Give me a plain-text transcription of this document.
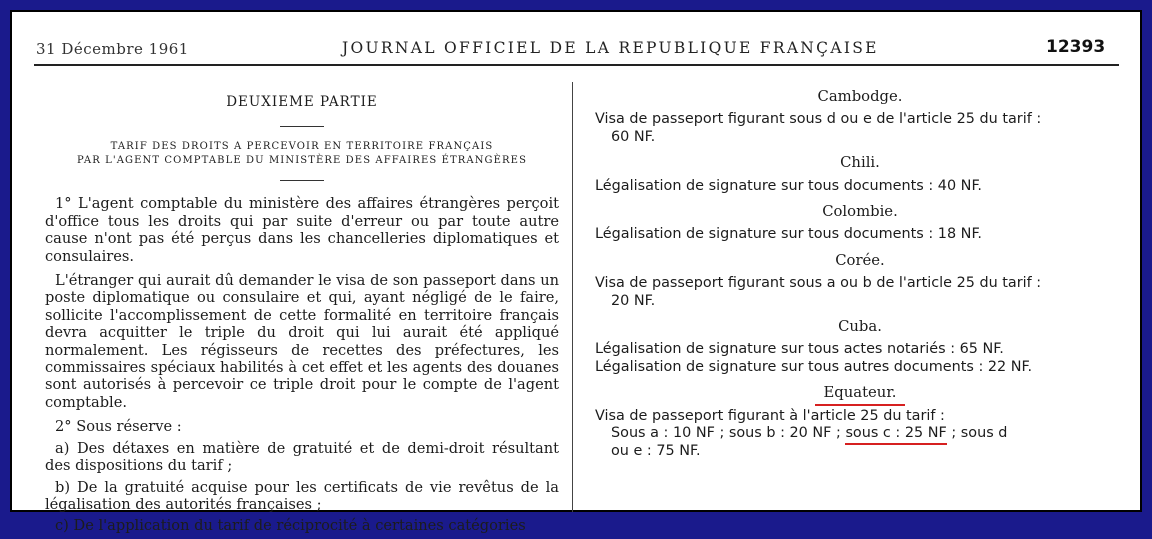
31 Décembre 1961	JOURNAL OFFICIEL DE LA REPUBLIQUE FRANÇAISE	12393
DEUXIEME PARTIE
TARIF DES DROITS A PERCEVOIR EN TERRITOIRE FRANÇAIS
PAR L'AGENT COMPTABLE DU MINISTÈRE DES AFFAIRES ÉTRANGÈRES

1° L'agent comptable du ministère des affaires étrangères perçoit d'office tous les droits qui par suite d'erreur ou par toute autre cause n'ont pas été perçus dans les chancelleries diplomatiques et consulaires.

L'étranger qui aurait dû demander le visa de son passeport dans un poste diplomatique ou consulaire et qui, ayant négligé de le faire, sollicite l'accomplissement de cette formalité en territoire français devra acquitter le triple du droit qui lui aurait été appliqué normalement. Les régisseurs de recettes des préfectures, les commissaires spéciaux habilités à cet effet et les agents des douanes sont autorisés à percevoir ce triple droit pour le compte de l'agent comptable.

2° Sous réserve :

a) Des détaxes en matière de gratuité et de demi-droit résultant des dispositions du tarif ;

b) De la gratuité acquise pour les certificats de vie revêtus de la légalisation des autorités françaises ;

c) De l'application du tarif de réciprocité à certaines catégories

Cambodge.
Visa de passeport figurant sous d ou e de l'article 25 du tarif :
60 NF.
Chili.
Légalisation de signature sur tous documents : 40 NF.
Colombie.
Légalisation de signature sur tous documents : 18 NF.
Corée.
Visa de passeport figurant sous a ou b de l'article 25 du tarif :
20 NF.
Cuba.
Légalisation de signature sur tous actes notariés : 65 NF.
Légalisation de signature sur tous autres documents : 22 NF.
Equateur.
Visa de passeport figurant à l'article 25 du tarif :
Sous a : 10 NF ; sous b : 20 NF ; sous c : 25 NF ; sous d
ou e : 75 NF.
